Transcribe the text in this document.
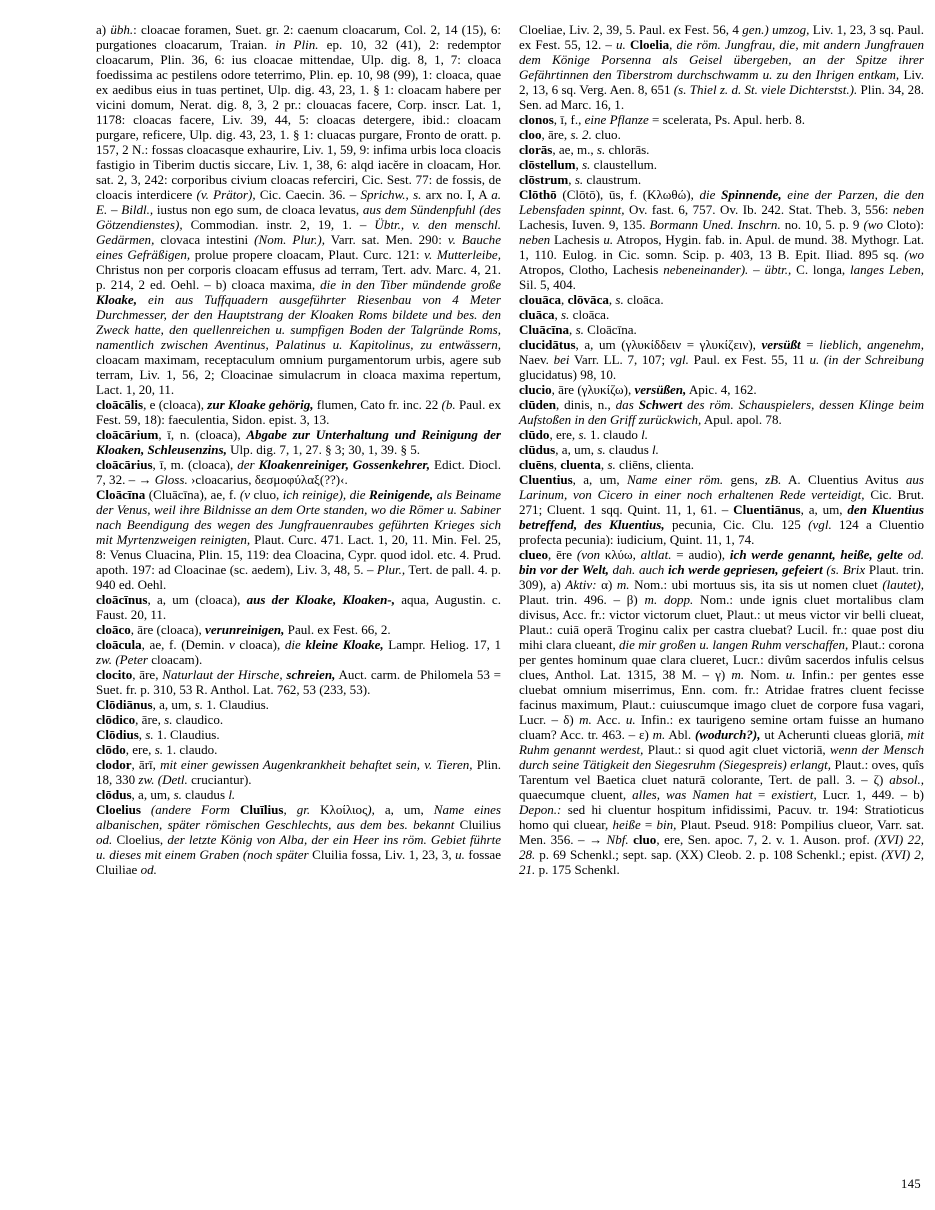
a) übh.: cloacae foramen, Suet. gr. 2: caenum cloacarum, Col. 2, 14 (15), 6: purgationes cloacarum, Traian. in Plin. ep. 10, 32 (41), 2: redemptor cloacarum, Plin. 36, 6: ius cloacae mittendae, Ulp. dig. 8, 1, 7: cloaca foedissima ac pestilens odore teterrimo, Plin. ep. 10, 98 (99), 1: cloaca, quae ex aedibus eius in tuas pertinet, Ulp. dig. 43, 23, 1. § 1: cloacam habere per vicini domum, Nerat. dig. 8, 3, 2 pr.: clouacas facere, Corp. inscr. Lat. 1, 1178: cloacas facere, Liv. 39, 44, 5: cloacas detergere, ibid.: cloacam purgare, reficere, Ulp. dig. 43, 23, 1. § 1: cluacas purgare, Fronto de oratt. p. 157, 2 N.: fossas cloacasque exhaurire, Liv. 1, 59, 9: infima urbis loca cloacis fastigio in Tiberim ductis siccare, Liv. 1, 38, 6: alqd iacĕre in cloacam, Hor. sat. 2, 3, 242: corporibus civium cloacas referciri, Cic. Sest. 77: de fossis, de cloacis interdicere (v. Prätor), Cic. Caecin. 36. – Sprichw., s. arx no. I, A a. E. – Bildl., iustus non ego sum, de cloaca levatus, aus dem Sündenpfuhl (des Götzendienstes), Commodian. instr. 2, 19, 1. – Übtr., v. den menschl. Gedärmen, clovaca intestini (Nom. Plur.), Varr. sat. Men. 290: v. Bauche eines Gefräßigen, prolue propere cloacam, Plaut. Curc. 121: v. Mutterleibe, Christus non per corporis cloacam effusus ad terram, Tert. adv. Marc. 4, 21. p. 214, 2 ed. Oehl. – b) cloaca maxima, die in den Tiber mündende große Kloake, ein aus Tuffquadern ausgeführter Riesenbau von 4 Meter Durchmesser, der den Hauptstrang der Kloaken Roms bildete und bes. den Zweck hatte, den quellenreichen u. sumpfigen Boden der Talgründe Roms, namentlich zwischen Aventinus, Palatinus u. Kapitolinus, zu entwässern, cloacam maximam, receptaculum omnium purgamentorum urbis, agere sub terram, Liv. 1, 56, 2; Cloacinae simulacrum in cloaca maxima repertum, Lact. 1, 20, 11.

cloācālis, e (cloaca), zur Kloake gehörig, flumen, Cato fr. inc. 22 (b. Paul. ex Fest. 59, 18): faeculentia, Sidon. epist. 3, 13.

cloācārium, ī, n. (cloaca), Abgabe zur Unterhaltung und Reinigung der Kloaken, Schleusenzins, Ulp. dig. 7, 1, 27. § 3; 30, 1, 39. § 5.

cloācārius, ī, m. (cloaca), der Kloakenreiniger, Gossenkehrer, Edict. Diocl. 7, 32. – → Gloss. ›cloacarius, δεσμοφύλαξ(??)‹.

Cloācīna (Cluācīna), ae, f. (v cluo, ich reinige), die Reinigende, als Beiname der Venus, weil ihre Bildnisse an dem Orte standen, wo die Römer u. Sabiner nach Beendigung des wegen des Jungfrauenraubes geführten Krieges sich mit Myrtenzweigen reinigten, Plaut. Curc. 471. Lact. 1, 20, 11. Min. Fel. 25, 8: Venus Cluacina, Plin. 15, 119: dea Cloacina, Cypr. quod idol. etc. 4. Prud. apoth. 197: ad Cloacinae (sc. aedem), Liv. 3, 48, 5. – Plur., Tert. de pall. 4. p. 940 ed. Oehl.

cloācīnus, a, um (cloaca), aus der Kloake, Kloaken-, aqua, Augustin. c. Faust. 20, 11.

cloāco, āre (cloaca), verunreinigen, Paul. ex Fest. 66, 2.

cloācula, ae, f. (Demin. v cloaca), die kleine Kloake, Lampr. Heliog. 17, 1 zw. (Peter cloacam).

clocito, āre, Naturlaut der Hirsche, schreien, Auct. carm. de Philomela 53 = Suet. fr. p. 310, 53 R. Anthol. Lat. 762, 53 (233, 53).

Clōdiānus, a, um, s. 1. Claudius.

clōdico, āre, s. claudico.

Clōdius, s. 1. Claudius.

clōdo, ere, s. 1. claudo.

clodor, ārī, mit einer gewissen Augenkrankheit behaftet sein, v. Tieren, Plin. 18, 330 zw. (Detl. cruciantur).

clōdus, a, um, s. claudus l.

Cloelius (andere Form Cluīlius, gr. Κλοίλιος), a, um, Name eines albanischen, später römischen Geschlechts, aus dem bes. bekannt Cluilius od. Cloelius, der letzte König von Alba, der ein Heer ins röm. Gebiet führte u. dieses mit einem Graben (noch später Cluilia fossa, Liv. 1, 23, 3, u. fossae Cluiliae od.

Cloeliae, Liv. 2, 39, 5. Paul. ex Fest. 56, 4 gen.) umzog, Liv. 1, 23, 3 sq. Paul. ex Fest. 55, 12. – u. Cloelia, die röm. Jungfrau, die, mit andern Jungfrauen dem Könige Porsenna als Geisel übergeben, an der Spitze ihrer Gefährtinnen den Tiberstrom durchschwamm u. zu den Ihrigen entkam, Liv. 2, 13, 6 sq. Verg. Aen. 8, 651 (s. Thiel z. d. St. viele Dichterstst.). Plin. 34, 28. Sen. ad Marc. 16, 1.

clonos, ī, f., eine Pflanze = scelerata, Ps. Apul. herb. 8.

cloo, āre, s. 2. cluo.

clorās, ae, m., s. chlorās.

clōstellum, s. claustellum.

clōstrum, s. claustrum.

Clōthō (Clōtō), ūs, f. (Κλωθώ), die Spinnende, eine der Parzen, die den Lebensfaden spinnt, Ov. fast. 6, 757. Ov. Ib. 242. Stat. Theb. 3, 556: neben Lachesis, Iuven. 9, 135. Bormann Uned. Inschrn. no. 10, 5. p. 9 (wo Cloto): neben Lachesis u. Atropos, Hygin. fab. in. Apul. de mund. 38. Mythogr. Lat. 1, 110. Eulog. in Cic. somn. Scip. p. 403, 13 B. Epit. Iliad. 895 sq. (wo Atropos, Clotho, Lachesis nebeneinander). – übtr., C. longa, langes Leben, Sil. 5, 404.

clouāca, clōvāca, s. cloāca.

cluāca, s. cloāca.

Cluācīna, s. Cloācīna.

clucidātus, a, um (γλυκίδδειν = γλυκίζειν), versüßt = lieblich, angenehm, Naev. bei Varr. LL. 7, 107; vgl. Paul. ex Fest. 55, 11 u. (in der Schreibung glucidatus) 98, 10.

clucio, āre (γλυκίζω), versüßen, Apic. 4, 162.

clūden, dinis, n., das Schwert des röm. Schauspielers, dessen Klinge beim Aufstoßen in den Griff zurückwich, Apul. apol. 78.

clūdo, ere, s. 1. claudo l.

clūdus, a, um, s. claudus l.

cluēns, cluenta, s. cliēns, clienta.

Cluentius, a, um, Name einer röm. gens, zB. A. Cluentius Avitus aus Larinum, von Cicero in einer noch erhaltenen Rede verteidigt, Cic. Brut. 271; Cluent. 1 sqq. Quint. 11, 1, 61. – Cluentiānus, a, um, den Kluentius betreffend, des Kluentius, pecunia, Cic. Clu. 125 (vgl. 124 a Cluentio profecta pecunia): iudicium, Quint. 11, 1, 74.

clueo, ēre (von κλύω, altlat. = audio), ich werde genannt, heiße, gelte od. bin vor der Welt, dah. auch ich werde gepriesen, gefeiert (s. Brix Plaut. trin. 309), a) Aktiv: α) m. Nom.: ubi mortuus sis, ita sis ut nomen cluet (lautet), Plaut. trin. 496. – β) m. dopp. Nom.: unde ignis cluet mortalibus clam divisus, Acc. fr.: victor victorum cluet, Plaut.: ut meus victor vir belli clueat, Plaut.: cuiā operā Troginu calix per castra cluebat? Lucil. fr.: quae post diu mihi clara clueant, die mir großen u. langen Ruhm verschaffen, Plaut.: corona per gentes hominum quae clara clueret, Lucr.: divûm sacerdos infulis celsus clues, Anthol. Lat. 1315, 38 M. – γ) m. Nom. u. Infin.: per gentes esse cluebat omnium miserrimus, Enn. com. fr.: Atridae fratres cluent fecisse facinus maximum, Plaut.: cuiuscumque imago cluet de corpore fusa vagari, Lucr. – δ) m. Acc. u. Infin.: ex taurigeno semine ortam fuisse an humano cluam? Acc. tr. 463. – ε) m. Abl. (wodurch?), ut Acherunti clueas gloriā, mit Ruhm genannt werdest, Plaut.: si quod agit cluet victoriā, wenn der Mensch durch seine Tätigkeit den Siegesruhm (Siegespreis) erlangt, Plaut.: oves, quîs Tarentum vel Baetica cluet naturā colorante, Tert. de pall. 3. – ζ) absol., quaecumque cluent, alles, was Namen hat = existiert, Lucr. 1, 449. – b) Depon.: sed hi cluentur hospitum infidissimi, Pacuv. tr. 194: Stratioticus homo qui cluear, heiße = bin, Plaut. Pseud. 918: Pompilius clueor, Varr. sat. Men. 356. – → Nbf. cluo, ere, Sen. apoc. 7, 2. v. 1. Auson. prof. (XVI) 22, 28. p. 69 Schenkl.; sept. sap. (XX) Cleob. 2. p. 108 Schenkl.; epist. (XVI) 2, 21. p. 175 Schenkl.

145
